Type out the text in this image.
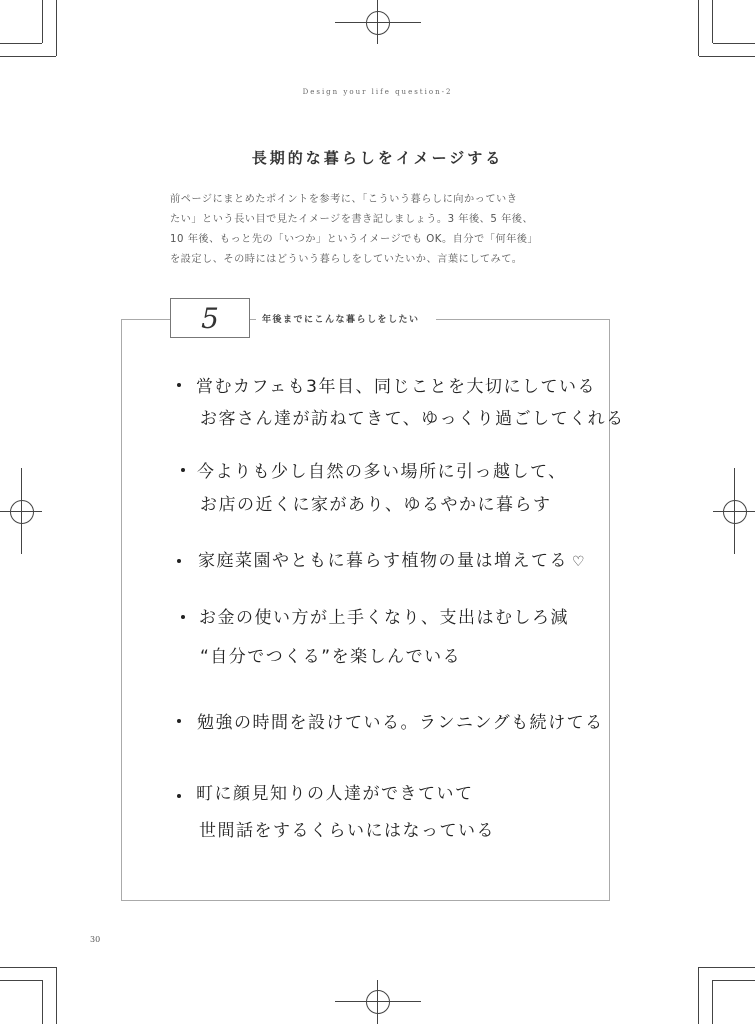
Design your life question-2
長期的な暮らしをイメージする
前ページにまとめたポイントを参考に、「こういう暮らしに向かっていき
たい」という長い目で見たイメージを書き記しましょう。3 年後、5 年後、
10 年後、もっと先の「いつか」というイメージでも OK。自分で「何年後」
を設定し、その時にはどういう暮らしをしていたいか、言葉にしてみて。
5	年後までにこんな暮らしをしたい
営むカフェも3年目、同じことを大切にしている
お客さん達が訪ねてきて、ゆっくり過ごしてくれる
今よりも少し自然の多い場所に引っ越して、
お店の近くに家があり、ゆるやかに暮らす
家庭菜園やともに暮らす植物の量は増えてる ♡
お金の使い方が上手くなり、支出はむしろ減
“自分でつくる”を楽しんでいる
勉強の時間を設けている。ランニングも続けてる
町に顔見知りの人達ができていて
世間話をするくらいにはなっている
30
